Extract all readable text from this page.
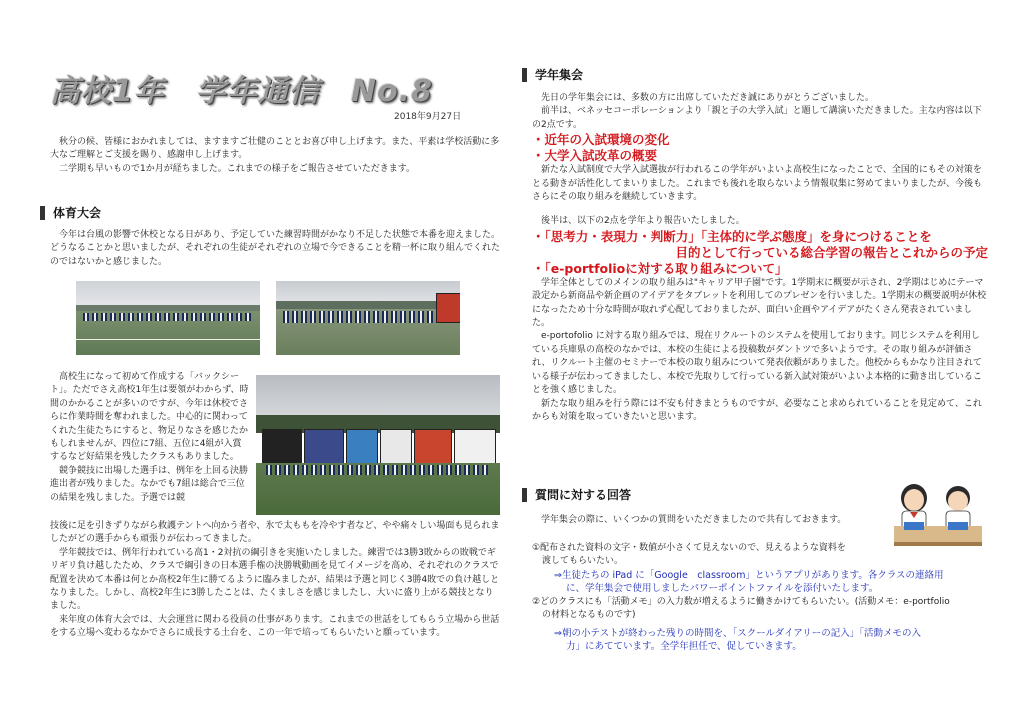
高校1年　学年通信　No.8
2018年9月27日

秋分の候、皆様におかれましては、ますますご壮健のこととお喜び申し上げます。また、平素は学校活動に多大なご理解とご支援を賜り、感謝申し上げます。

二学期も早いもので1か月が経ちました。これまでの様子をご報告させていただきます。

体育大会

今年は台風の影響で休校となる日があり、予定していた練習時間がかなり不足した状態で本番を迎えました。どうなることかと思いましたが、それぞれの生徒がそれぞれの立場で今できることを精一杯に取り組んでくれたのではないかと感じました。

高校生になって初めて作成する「バックシート」。ただでさえ高校1年生は要領がわからず、時間のかかることが多いのですが、今年は休校でさらに作業時間を奪われました。中心的に関わってくれた生徒たちにすると、物足りなさを感じたかもしれませんが、四位に7組、五位に4組が入賞するなど好結果を残したクラスもありました。

競争競技に出場した選手は、例年を上回る決勝進出者が残りました。なかでも7組は総合で三位の結果を残しました。予選では競

技後に足を引きずりながら救護テントへ向かう者や、氷で太ももを冷やす者など、やや痛々しい場面も見られましたがどの選手からも頑張りが伝わってきました。

学年競技では、例年行われている高1・2対抗の綱引きを実施いたしました。練習では3勝3敗からの敗戦でギリギリ負け越したため、クラスで綱引きの日本選手権の決勝戦動画を見てイメージを高め、それぞれのクラスで配置を決めて本番は何とか高校2年生に勝てるように臨みましたが、結果は予選と同じく3勝4敗での負け越しとなりました。しかし、高校2年生に3勝したことは、たくましさを感じましたし、大いに盛り上がる競技となりました。

来年度の体育大会では、大会運営に関わる役員の仕事があります。これまでの世話をしてもらう立場から世話をする立場へ変わるなかでさらに成長する土台を、この一年で培ってもらいたいと願っています。

学年集会

先日の学年集会には、多数の方に出席していただき誠にありがとうございました。

前半は、ベネッセコーポレーションより「親と子の大学入試」と題して講演いただきました。主な内容は以下の2点です。

・近年の入試環境の変化
・大学入試改革の概要

新たな入試制度で大学入試選抜が行われるこの学年がいよいよ高校生になったことで、全国的にもその対策をとる動きが活性化してまいりました。これまでも後れを取らないよう情報収集に努めてまいりましたが、今後もさらにその取り組みを継続していきます。

後半は、以下の2点を学年より報告いたしました。

・「思考力・表現力・判断力」「主体的に学ぶ態度」を身につけることを
目的として行っている総合学習の報告とこれからの予定
・「e-portfolioに対する取り組みについて」

学年全体としてのメインの取り組みは"キャリア甲子園"です。1学期末に概要が示され、2学期はじめにテーマ設定から新商品や新企画のアイデアをタブレットを利用してのプレゼンを行いました。1学期末の概要説明が休校になったため十分な時間が取れず心配しておりましたが、面白い企画やアイデアがたくさん発表されていました。

e-portofolio に対する取り組みでは、現在リクルートのシステムを使用しております。同じシステムを利用している兵庫県の高校のなかでは、本校の生徒による投稿数がダントツで多いようです。その取り組みが評価され、リクルート主催のセミナーで本校の取り組みについて発表依頼がありました。他校からもかなり注目されている様子が伝わってきましたし、本校で先取りして行っている新入試対策がいよいよ本格的に動き出していることを強く感じました。

新たな取り組みを行う際には不安も付きまとうものですが、必要なこと求められていることを見定めて、これからも対策を取っていきたいと思います。

質問に対する回答

学年集会の際に、いくつかの質問をいただきましたので共有しておきます。

①配布された資料の文字・数値が小さくて見えないので、見えるような資料を

渡してもらいたい。

⇒生徒たちの iPad に「Google　classroom」というアプリがあります。各クラスの連絡用
に、学年集会で使用しましたパワーポイントファイルを添付いたします。

②どのクラスにも「活動メモ」の入力数が増えるように働きかけてもらいたい。(活動メモ：e-portfolio

の材料となるものです)

⇒朝の小テストが終わった残りの時間を、「スクールダイアリーの記入」「活動メモの入
力」にあてています。全学年担任で、促していきます。
